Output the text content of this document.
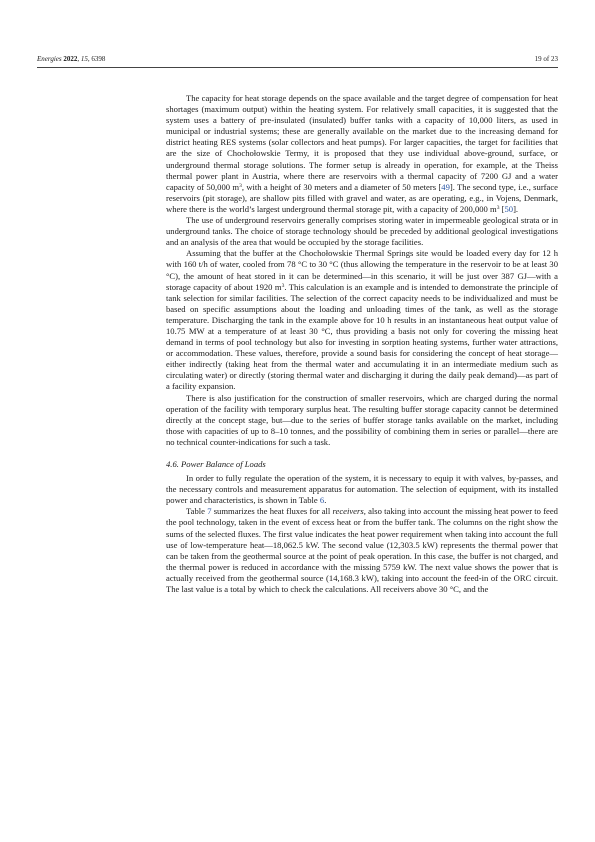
Energies 2022, 15, 6398	19 of 23

The capacity for heat storage depends on the space available and the target degree of compensation for heat shortages (maximum output) within the heating system. For relatively small capacities, it is suggested that the system uses a battery of pre-insulated (insulated) buffer tanks with a capacity of 10,000 liters, as used in municipal or industrial systems; these are generally available on the market due to the increasing demand for district heating RES systems (solar collectors and heat pumps). For larger capacities, the target for facilities that are the size of Chochołowskie Termy, it is proposed that they use individual above-ground, surface, or underground thermal storage solutions. The former setup is already in operation, for example, at the Theiss thermal power plant in Austria, where there are reservoirs with a thermal capacity of 7200 GJ and a water capacity of 50,000 $m^3$, with a height of 30 meters and a diameter of 50 meters [49]. The second type, i.e., surface reservoirs (pit storage), are shallow pits filled with gravel and water, as are operating, e.g., in Vojens, Denmark, where there is the world’s largest underground thermal storage pit, with a capacity of 200,000 $m^3$ [50].

The use of underground reservoirs generally comprises storing water in impermeable geological strata or in underground tanks. The choice of storage technology should be preceded by additional geological investigations and an analysis of the area that would be occupied by the storage facilities.

Assuming that the buffer at the Chochołowskie Thermal Springs site would be loaded every day for 12 h with 160 t/h of water, cooled from 78 °C to 30 °C (thus allowing the temperature in the reservoir to be at least 30 °C), the amount of heat stored in it can be determined—in this scenario, it will be just over 387 GJ—with a storage capacity of about 1920 $m^3$. This calculation is an example and is intended to demonstrate the principle of tank selection for similar facilities. The selection of the correct capacity needs to be individualized and must be based on specific assumptions about the loading and unloading times of the tank, as well as the storage temperature. Discharging the tank in the example above for 10 h results in an instantaneous heat output value of 10.75 MW at a temperature of at least 30 °C, thus providing a basis not only for covering the missing heat demand in terms of pool technology but also for investing in sorption heating systems, further water attractions, or accommodation. These values, therefore, provide a sound basis for considering the concept of heat storage—either indirectly (taking heat from the thermal water and accumulating it in an intermediate medium such as circulating water) or directly (storing thermal water and discharging it during the daily peak demand)—as part of a facility expansion.

There is also justification for the construction of smaller reservoirs, which are charged during the normal operation of the facility with temporary surplus heat. The resulting buffer storage capacity cannot be determined directly at the concept stage, but—due to the series of buffer storage tanks available on the market, including those with capacities of up to 8–10 tonnes, and the possibility of combining them in series or parallel—there are no technical counter-indications for such a task.

4.6. Power Balance of Loads

In order to fully regulate the operation of the system, it is necessary to equip it with valves, by-passes, and the necessary controls and measurement apparatus for automation. The selection of equipment, with its installed power and characteristics, is shown in Table 6.

Table 7 summarizes the heat fluxes for all receivers, also taking into account the missing heat power to feed the pool technology, taken in the event of excess heat or from the buffer tank. The columns on the right show the sums of the selected fluxes. The first value indicates the heat power requirement when taking into account the full use of low-temperature heat—18,062.5 kW. The second value (12,303.5 kW) represents the thermal power that can be taken from the geothermal source at the point of peak operation. In this case, the buffer is not charged, and the thermal power is reduced in accordance with the missing 5759 kW. The next value shows the power that is actually received from the geothermal source (14,168.3 kW), taking into account the feed-in of the ORC circuit. The last value is a total by which to check the calculations. All receivers above 30 °C, and the
